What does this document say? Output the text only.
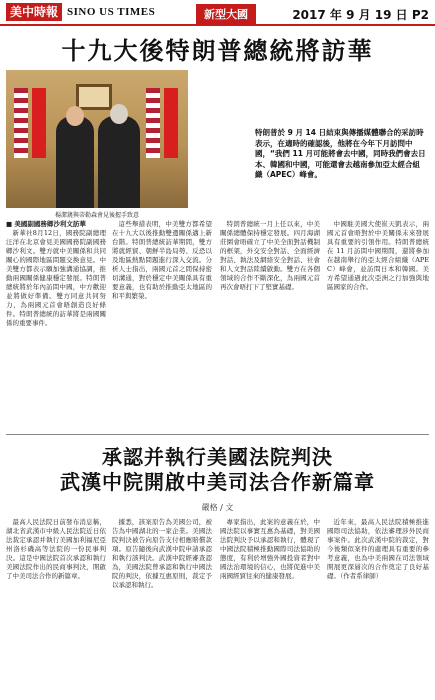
美中時報 SINO US TIMES	新型大國	2017 年 9 月 19 日 P2
十九大後特朗普總統將訪華
楊潔篪與蒂勒森會見後握手致意
特朗普於 9 月 14 日結束與傳播媒體聯合的采訪時表示，在適時的確認後，他將在今年下月訪問中國，“我們 11 月可能將會去中國，同時我們會去日本、韓國和中國，可能還會去越南參加亞太經合組織（APEC）峰會。

■ 美國副國務卿沙利文訪華

新華社8月12日，國務院副總理汪洋在北京會見美國國務院副國務卿沙利文。雙方就中美關係和共同關心的國際地區問題交換意見。中美雙方都表示願加強溝通協調，推動兩國關係健康穩定發展。特朗普總統將於年內訪問中國，中方歡迎並將做好準備。雙方同意共同努力，為兩國元首會晤創造良好條件。特朗普總統的訪華將是兩國關係的重要事件。

這些舉措表明，中美雙方都希望在十九大以後推動雙邊關係邁上新台階。特朗普總統訪華期間，雙方將就經貿、朝鮮半島局勢、反恐以及地區熱點問題進行深入交流。分析人士指出，兩國元首之間保持密切溝通，對於穩定中美關係具有重要意義，也有助於推動亞太地區的和平與繁榮。

特朗普總統一月上任以來，中美關係總體保持穩定發展。四月海湖莊園會晤確立了中美全面對話機制的框架，外交安全對話、全面經濟對話、執法及網絡安全對話、社會和人文對話陸續啟動。雙方在各個領域的合作不斷深化，為兩國元首再次會晤打下了堅實基礎。

中國駐美國大使崔天凱表示，兩國元首會晤對於中美關係未來發展具有重要的引領作用。特朗普總統在 11 月訪問中國期間，還將參加在越南舉行的亞太經合組織（APEC）峰會，並訪問日本和韓國。美方希望通過此次亞洲之行加強與地區國家的合作。

承認并執行美國法院判決
武漢中院開啟中美司法合作新篇章
嚴格 / 文

最高人民法院日前發布消息稱，湖北省武漢市中級人民法院近日依法裁定承認并執行美國加利福尼亞州洛杉磯高等法院的一份民事判決。這是中國法院首次承認和執行美國法院作出的民商事判決，開啟了中美司法合作的新篇章。

據悉，該案原告為美國公司，被告為中國湖北的一家企業。美國法院判決被告向原告支付相應賠償款項。原告隨後向武漢中院申請承認和執行該判決。武漢中院經審查認為，美國法院曾承認和執行中國法院的判決，依據互惠原則，裁定予以承認和執行。

專家指出，此案的意義在於，中國法院以事實互惠為基礎，對美國法院判決予以承認和執行，體現了中國法院積極推動國際司法協助的態度，有利於增強外國投資者對中國法治環境的信心，也將促進中美兩國經貿往來的健康發展。

近年來，最高人民法院積極推進國際司法協助，依法審理涉外民商事案件。此次武漢中院的裁定，對今後類似案件的處理具有重要的參考意義，也為中美兩國在司法領域開展更深層次的合作奠定了良好基礎。（作者系律師）
